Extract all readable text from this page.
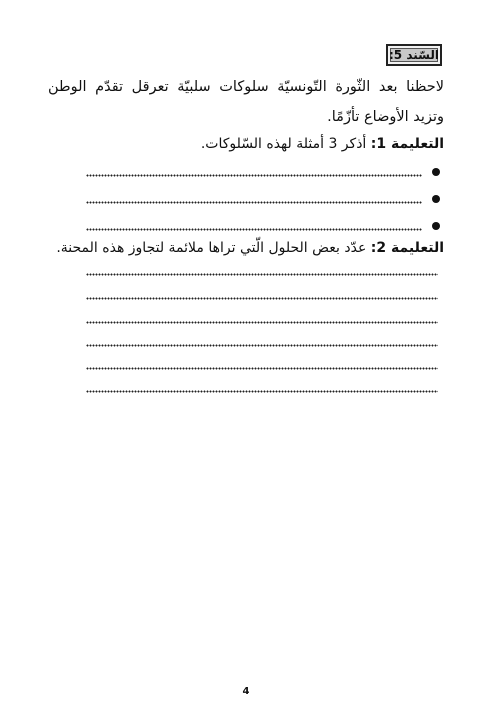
السّند 5:
لاحظنا بعد الثّورة التّونسيّة سلوكات سلبيّة تعرقل تقدّم الوطن وتزيد الأوضاع تأزّمًا.
التعليمة 1: أذكر 3 أمثلة لهذه السّلوكات.
التعليمة 2: عدّد بعض الحلول الّتي تراها ملائمة لتجاوز هذه المحنة.
4
